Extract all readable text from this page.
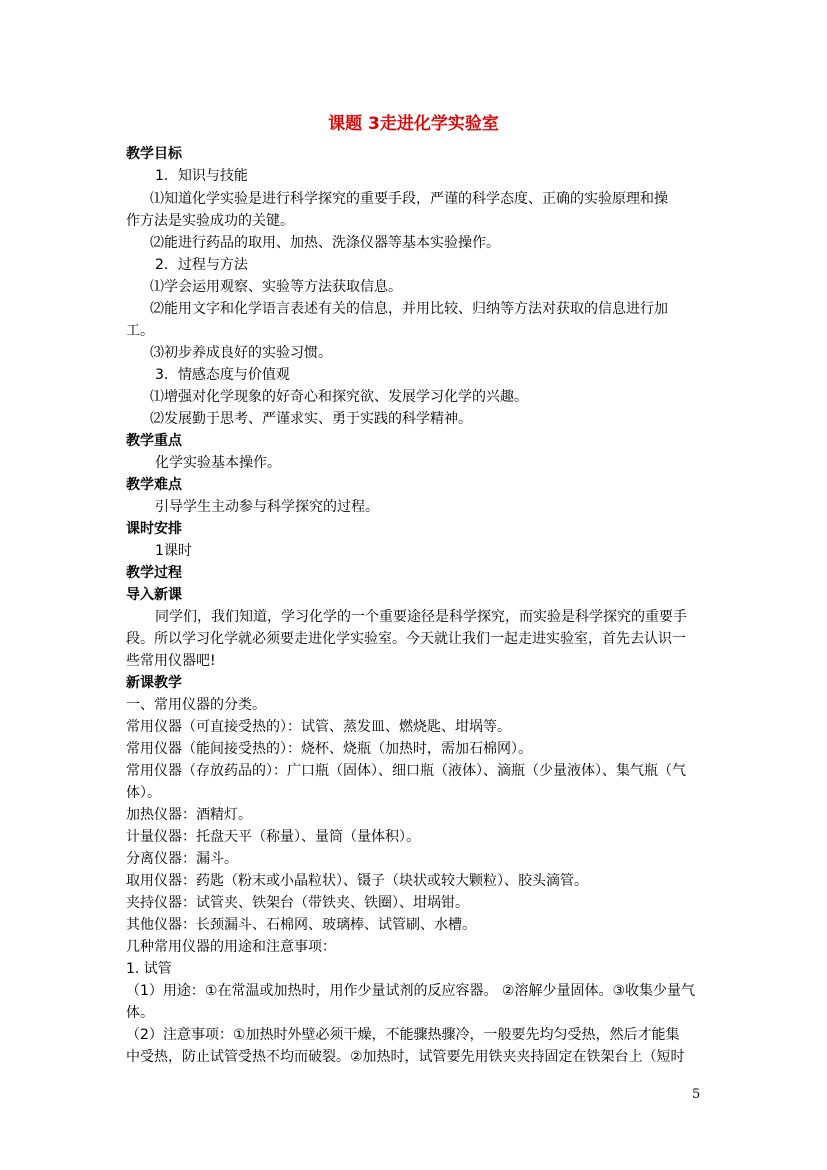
课题 3走进化学实验室
教学目标
1．知识与技能
⑴知道化学实验是进行科学探究的重要手段，严谨的科学态度、正确的实验原理和操
作方法是实验成功的关键。
⑵能进行药品的取用、加热、洗涤仪器等基本实验操作。
2．过程与方法
⑴学会运用观察、实验等方法获取信息。
⑵能用文字和化学语言表述有关的信息，并用比较、归纳等方法对获取的信息进行加
工。
⑶初步养成良好的实验习惯。
3．情感态度与价值观
⑴增强对化学现象的好奇心和探究欲、发展学习化学的兴趣。
⑵发展勤于思考、严谨求实、勇于实践的科学精神。
教学重点
化学实验基本操作。
教学难点
引导学生主动参与科学探究的过程。
课时安排
1课时
教学过程
导入新课
同学们，我们知道，学习化学的一个重要途径是科学探究，而实验是科学探究的重要手
段。所以学习化学就必须要走进化学实验室。今天就让我们一起走进实验室，首先去认识一
些常用仪器吧!
新课教学
一、常用仪器的分类。
常用仪器（可直接受热的）：试管、蒸发皿、燃烧匙、坩埚等。
常用仪器（能间接受热的）：烧杯、烧瓶（加热时，需加石棉网）。
常用仪器（存放药品的）：广口瓶（固体）、细口瓶（液体）、滴瓶（少量液体）、集气瓶（气
体）。
加热仪器：酒精灯。
计量仪器：托盘天平（称量）、量筒（量体积）。
分离仪器：漏斗。
取用仪器：药匙（粉末或小晶粒状）、镊子（块状或较大颗粒）、胶头滴管。
夹持仪器：试管夹、铁架台（带铁夹、铁圈）、坩埚钳。
其他仪器：长颈漏斗、石棉网、玻璃棒、试管刷、水槽。
几种常用仪器的用途和注意事项：
1. 试管
（1）用途：①在常温或加热时，用作少量试剂的反应容器。 ②溶解少量固体。③收集少量气
体。
（2）注意事项：①加热时外壁必须干燥，不能骤热骤冷，一般要先均匀受热，然后才能集
中受热，防止试管受热不均而破裂。②加热时，试管要先用铁夹夹持固定在铁架台上（短时
5
